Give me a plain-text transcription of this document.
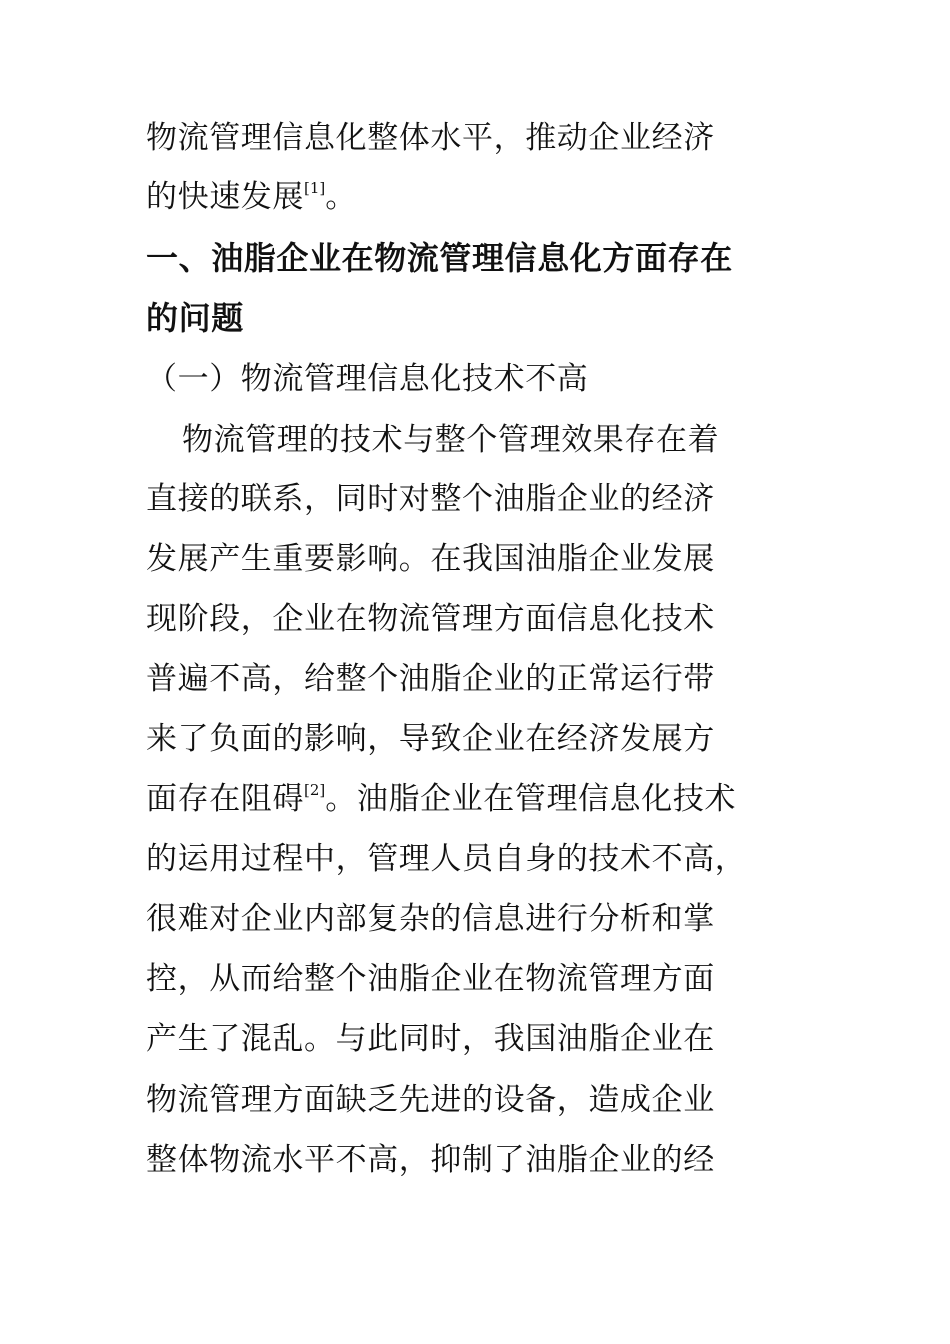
物流管理信息化整体水平，推动企业经济
的快速发展[1]。
一、油脂企业在物流管理信息化方面存在
的问题
（一）物流管理信息化技术不高
物流管理的技术与整个管理效果存在着
直接的联系，同时对整个油脂企业的经济
发展产生重要影响。在我国油脂企业发展
现阶段，企业在物流管理方面信息化技术
普遍不高，给整个油脂企业的正常运行带
来了负面的影响，导致企业在经济发展方
面存在阻碍[2]。油脂企业在管理信息化技术
的运用过程中，管理人员自身的技术不高，
很难对企业内部复杂的信息进行分析和掌
控，从而给整个油脂企业在物流管理方面
产生了混乱。与此同时，我国油脂企业在
物流管理方面缺乏先进的设备，造成企业
整体物流水平不高，抑制了油脂企业的经
